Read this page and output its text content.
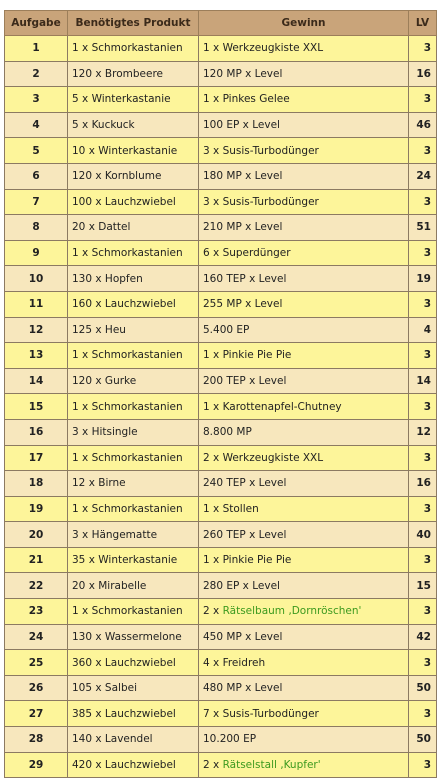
Aufgabe	Benötigtes Produkt	Gewinn	LV
1	1 x Schmorkastanien	1 x Werkzeugkiste XXL	3
2	120 x Brombeere	120 MP x Level	16
3	5 x Winterkastanie	1 x Pinkes Gelee	3
4	5 x Kuckuck	100 EP x Level	46
5	10 x Winterkastanie	3 x Susis-Turbodünger	3
6	120 x Kornblume	180 MP x Level	24
7	100 x Lauchzwiebel	3 x Susis-Turbodünger	3
8	20 x Dattel	210 MP x Level	51
9	1 x Schmorkastanien	6 x Superdünger	3
10	130 x Hopfen	160 TEP x Level	19
11	160 x Lauchzwiebel	255 MP x Level	3
12	125 x Heu	5.400 EP	4
13	1 x Schmorkastanien	1 x Pinkie Pie Pie	3
14	120 x Gurke	200 TEP x Level	14
15	1 x Schmorkastanien	1 x Karottenapfel-Chutney	3
16	3 x Hitsingle	8.800 MP	12
17	1 x Schmorkastanien	2 x Werkzeugkiste XXL	3
18	12 x Birne	240 TEP x Level	16
19	1 x Schmorkastanien	1 x Stollen	3
20	3 x Hängematte	260 TEP x Level	40
21	35 x Winterkastanie	1 x Pinkie Pie Pie	3
22	20 x Mirabelle	280 EP x Level	15
23	1 x Schmorkastanien	2 x Rätselbaum ‚Dornröschen'	3
24	130 x Wassermelone	450 MP x Level	42
25	360 x Lauchzwiebel	4 x Freidreh	3
26	105 x Salbei	480 MP x Level	50
27	385 x Lauchzwiebel	7 x Susis-Turbodünger	3
28	140 x Lavendel	10.200 EP	50
29	420 x Lauchzwiebel	2 x Rätselstall ‚Kupfer'	3
